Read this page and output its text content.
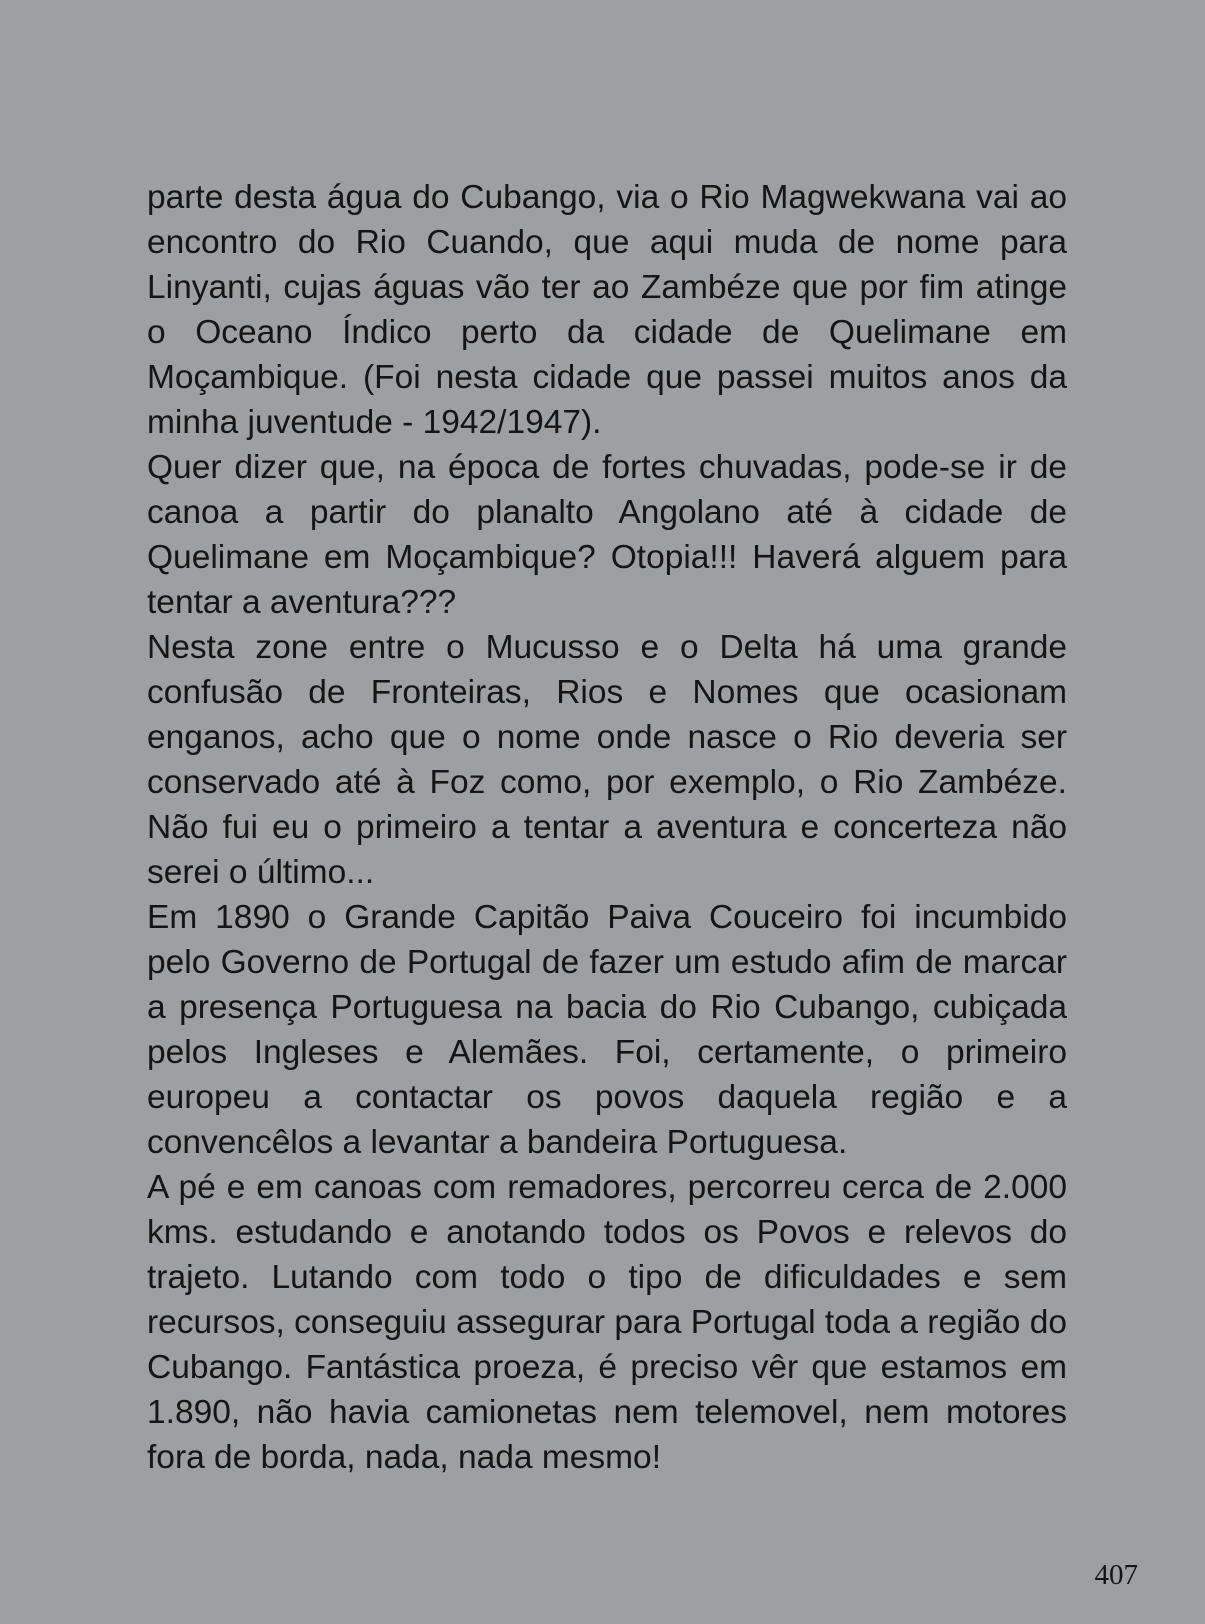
parte desta água do Cubango, via o Rio Magwekwana vai ao encontro do Rio Cuando, que aqui muda de nome para Linyanti, cujas águas vão ter ao Zambéze que por fim atinge o Oceano Índico perto da cidade de Quelimane em Moçambique. (Foi nesta cidade que passei muitos anos da minha juventude - 1942/1947).

Quer dizer que, na época de fortes chuvadas, pode-se ir de canoa a partir do planalto Angolano até à cidade de Quelimane em Moçambique? Otopia!!! Haverá alguem para tentar a aventura???

Nesta zone entre o Mucusso e o Delta há uma grande confusão de Fronteiras, Rios e Nomes que ocasionam enganos, acho que o nome onde nasce o Rio deveria ser conservado até à Foz como, por exemplo, o Rio Zambéze. Não fui eu o primeiro a tentar a aventura e concerteza não serei o último...

Em 1890 o Grande Capitão Paiva Couceiro foi incumbido pelo Governo de Portugal de fazer um estudo afim de marcar a presença Portuguesa na bacia do Rio Cubango, cubiçada pelos Ingleses e Alemães. Foi, certamente, o primeiro europeu a contactar os povos daquela região e a convencêlos a levantar a bandeira Portuguesa.

A pé e em canoas com remadores, percorreu cerca de 2.000 kms. estudando e anotando todos os Povos e relevos do trajeto. Lutando com todo o tipo de dificuldades e sem recursos, conseguiu assegurar para Portugal toda a região do Cubango. Fantástica proeza, é preciso vêr que estamos em 1.890, não havia camionetas nem telemovel, nem motores fora de borda, nada, nada mesmo!

407
